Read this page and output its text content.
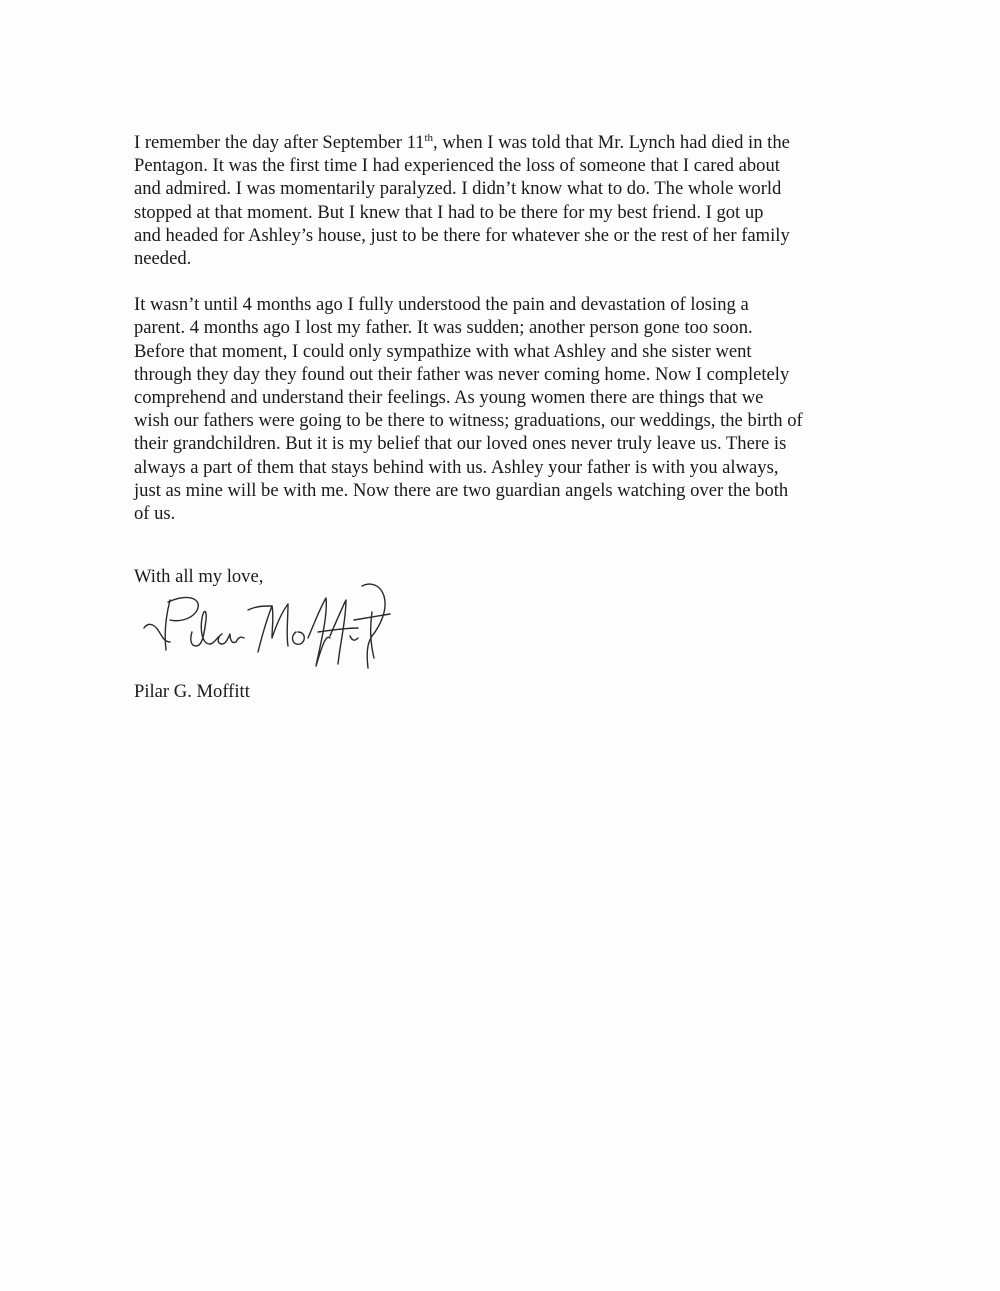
I remember the day after September 11th, when I was told that Mr. Lynch had died in the
Pentagon. It was the first time I had experienced the loss of someone that I cared about
and admired. I was momentarily paralyzed. I didn’t know what to do. The whole world
stopped at that moment. But I knew that I had to be there for my best friend. I got up
and headed for Ashley’s house, just to be there for whatever she or the rest of her family
needed.

It wasn’t until 4 months ago I fully understood the pain and devastation of losing a
parent. 4 months ago I lost my father. It was sudden; another person gone too soon.
Before that moment, I could only sympathize with what Ashley and she sister went
through they day they found out their father was never coming home. Now I completely
comprehend and understand their feelings. As young women there are things that we
wish our fathers were going to be there to witness; graduations, our weddings, the birth of
their grandchildren. But it is my belief that our loved ones never truly leave us. There is
always a part of them that stays behind with us. Ashley your father is with you always,
just as mine will be with me. Now there are two guardian angels watching over the both
of us.

With all my love,
Pilar G. Moffitt
